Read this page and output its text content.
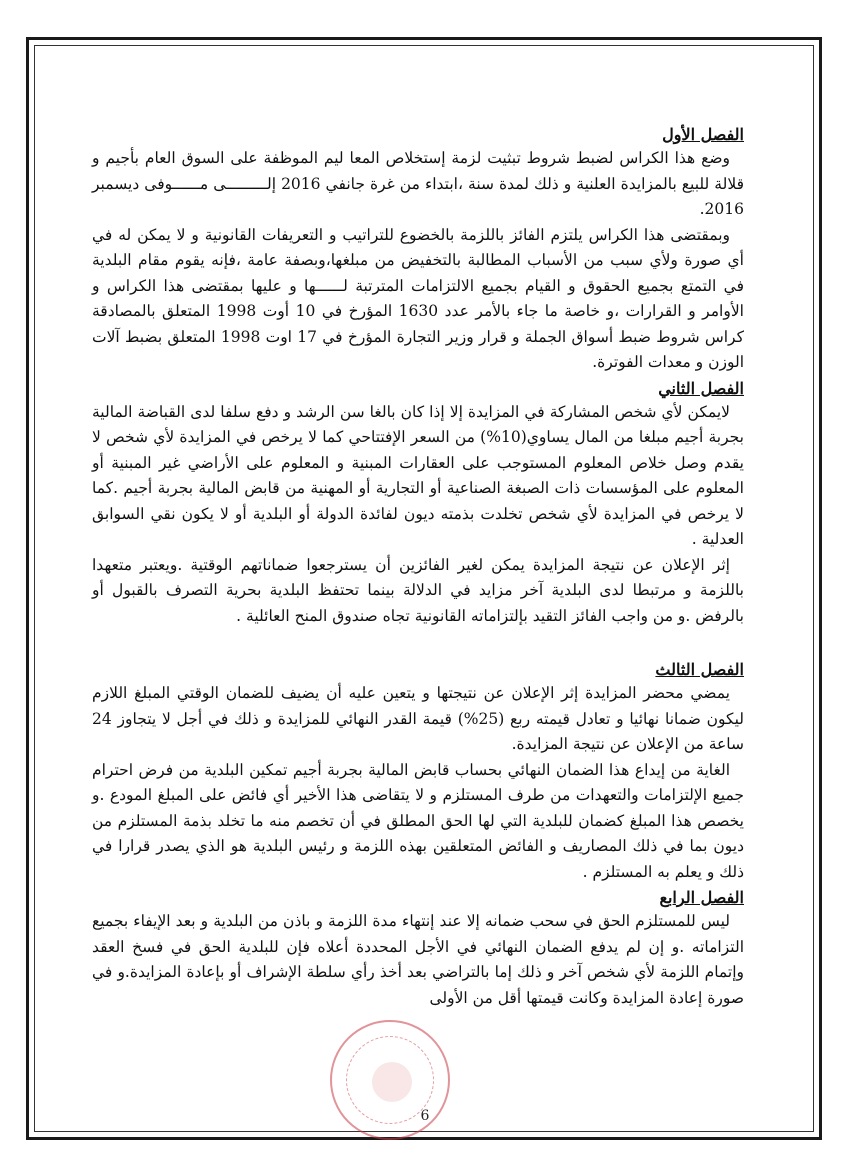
الفصل الأول

وضع هذا الكراس لضبط شروط تبثيت لزمة إستخلاص المعا ليم الموظفة على السوق العام بأجيم و قلالة للبيع بالمزايدة العلنية و ذلك لمدة سنة ،ابتداء من غرة جانفي 2016 إلـــــــــى مــــــوفى ديسمبر 2016.

وبمقتضى هذا الكراس يلتزم الفائز باللزمة بالخضوع للتراتيب و التعريفات القانونية و لا يمكن له في أي صورة ولأي سبب من الأسباب المطالبة بالتخفيض من مبلغها،وبصفة عامة ،فإنه يقوم مقام البلدية في التمتع بجميع الحقوق و القيام بجميع الالتزامات المترتبة لــــــها و عليها بمقتضى هذا الكراس و الأوامر و القرارات ،و خاصة ما جاء بالأمر عدد 1630 المؤرخ في 10 أوت 1998 المتعلق بالمصادقة كراس شروط ضبط أسواق الجملة و قرار وزير التجارة المؤرخ في 17 اوت 1998 المتعلق بضبط آلات الوزن و معدات الفوترة.

الفصل الثاني

لايمكن لأي شخص المشاركة في المزايدة إلا إذا كان بالغا سن الرشد و دفع سلفا لدى القباضة المالية بجربة أجيم مبلغا من المال يساوي(10%) من السعر الإفتتاحي كما لا يرخص في المزايدة لأي شخص لا يقدم وصل خلاص المعلوم المستوجب على العقارات المبنية و المعلوم على الأراضي غير المبنية أو المعلوم على المؤسسات ذات الصبغة الصناعية أو التجارية أو المهنية من قابض المالية بجربة أجيم .كما لا يرخص في المزايدة لأي شخص تخلدت بذمته ديون لفائدة الدولة أو البلدية أو لا يكون نقي السوابق العدلية .

إثر الإعلان عن نتيجة المزايدة يمكن لغير الفائزين أن يسترجعوا ضماناتهم الوقتية .ويعتبر متعهدا باللزمة و مرتبطا لدى البلدية آخر مزايد في الدلالة بينما تحتفظ البلدية بحرية التصرف بالقبول أو بالرفض .و من واجب الفائز التقيد بإلتزاماته القانونية تجاه صندوق المنح العائلية .

الفصل الثالث

يمضي محضر المزايدة إثر الإعلان عن نتيجتها و يتعين عليه أن يضيف للضمان الوقتي المبلغ اللازم ليكون ضمانا نهائيا و تعادل قيمته ربع (25%) قيمة القدر النهائي للمزايدة و ذلك في أجل لا يتجاوز 24 ساعة من الإعلان عن نتيجة المزايدة.

الغاية من إيداع هذا الضمان النهائي بحساب قابض المالية بجربة أجيم تمكين البلدية من فرض احترام جميع الإلتزامات والتعهدات من طرف المستلزم و لا يتقاضى هذا الأخير أي فائض على المبلغ المودع .و يخصص هذا المبلغ كضمان للبلدية التي لها الحق المطلق في أن تخصم منه ما تخلد بذمة المستلزم من ديون بما في ذلك المصاريف و الفائض المتعلقين بهذه اللزمة و رئيس البلدية هو الذي يصدر قرارا في ذلك و يعلم به المستلزم .

الفصل الرابع

ليس للمستلزم الحق في سحب ضمانه إلا عند إنتهاء مدة اللزمة و باذن من البلدية و بعد الإيفاء بجميع التزاماته .و إن لم يدفع الضمان النهائي في الأجل المحددة أعلاه فإن للبلدية الحق في فسخ العقد وإتمام اللزمة لأي شخص آخر و ذلك إما بالتراضي بعد أخذ رأي سلطة الإشراف أو بإعادة المزايدة.و في صورة إعادة المزايدة وكانت قيمتها أقل من الأولى

6
